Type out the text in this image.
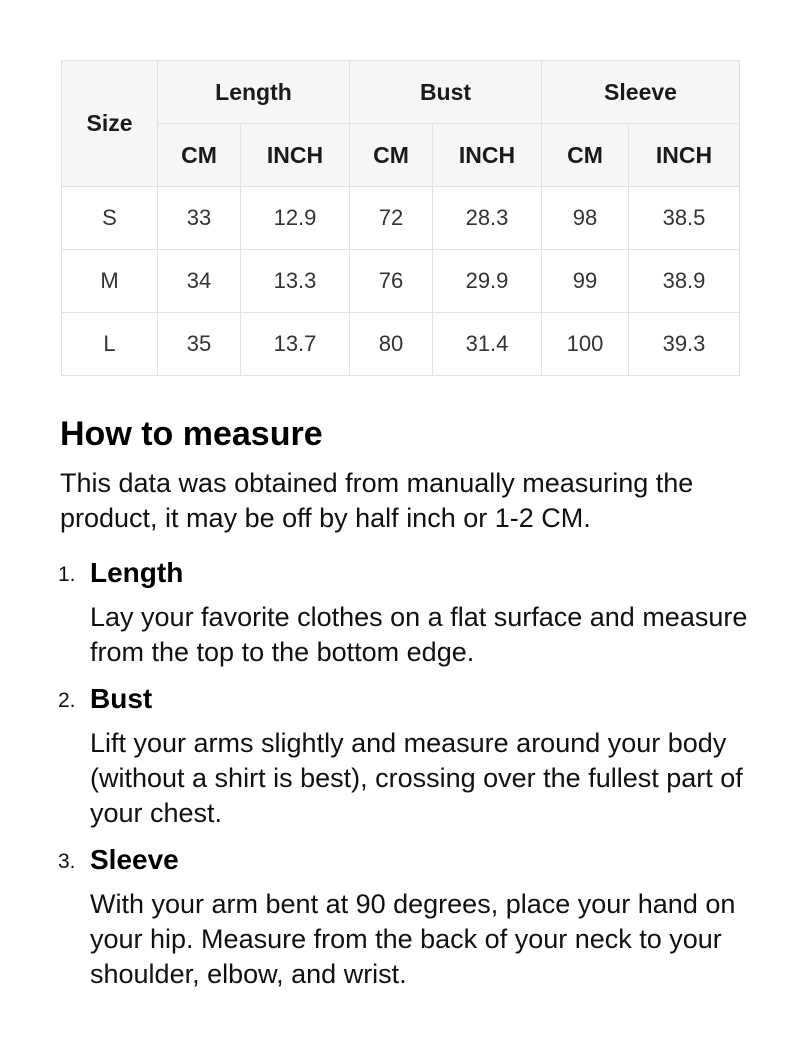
Size	Length		Bust		Sleeve	
	CM	INCH	CM	INCH	CM	INCH
S	33	12.9	72	28.3	98	38.5
M	34	13.3	76	29.9	99	38.9
L	35	13.7	80	31.4	100	39.3
How to measure

This data was obtained from manually measuring the product, it may be off by half inch or 1-2 CM.

1. Length

Lay your favorite clothes on a flat surface and measure from the top to the bottom edge.

2. Bust

Lift your arms slightly and measure around your body (without a shirt is best), crossing over the fullest part of your chest.

3. Sleeve

With your arm bent at 90 degrees, place your hand on your hip. Measure from the back of your neck to your shoulder, elbow, and wrist.
